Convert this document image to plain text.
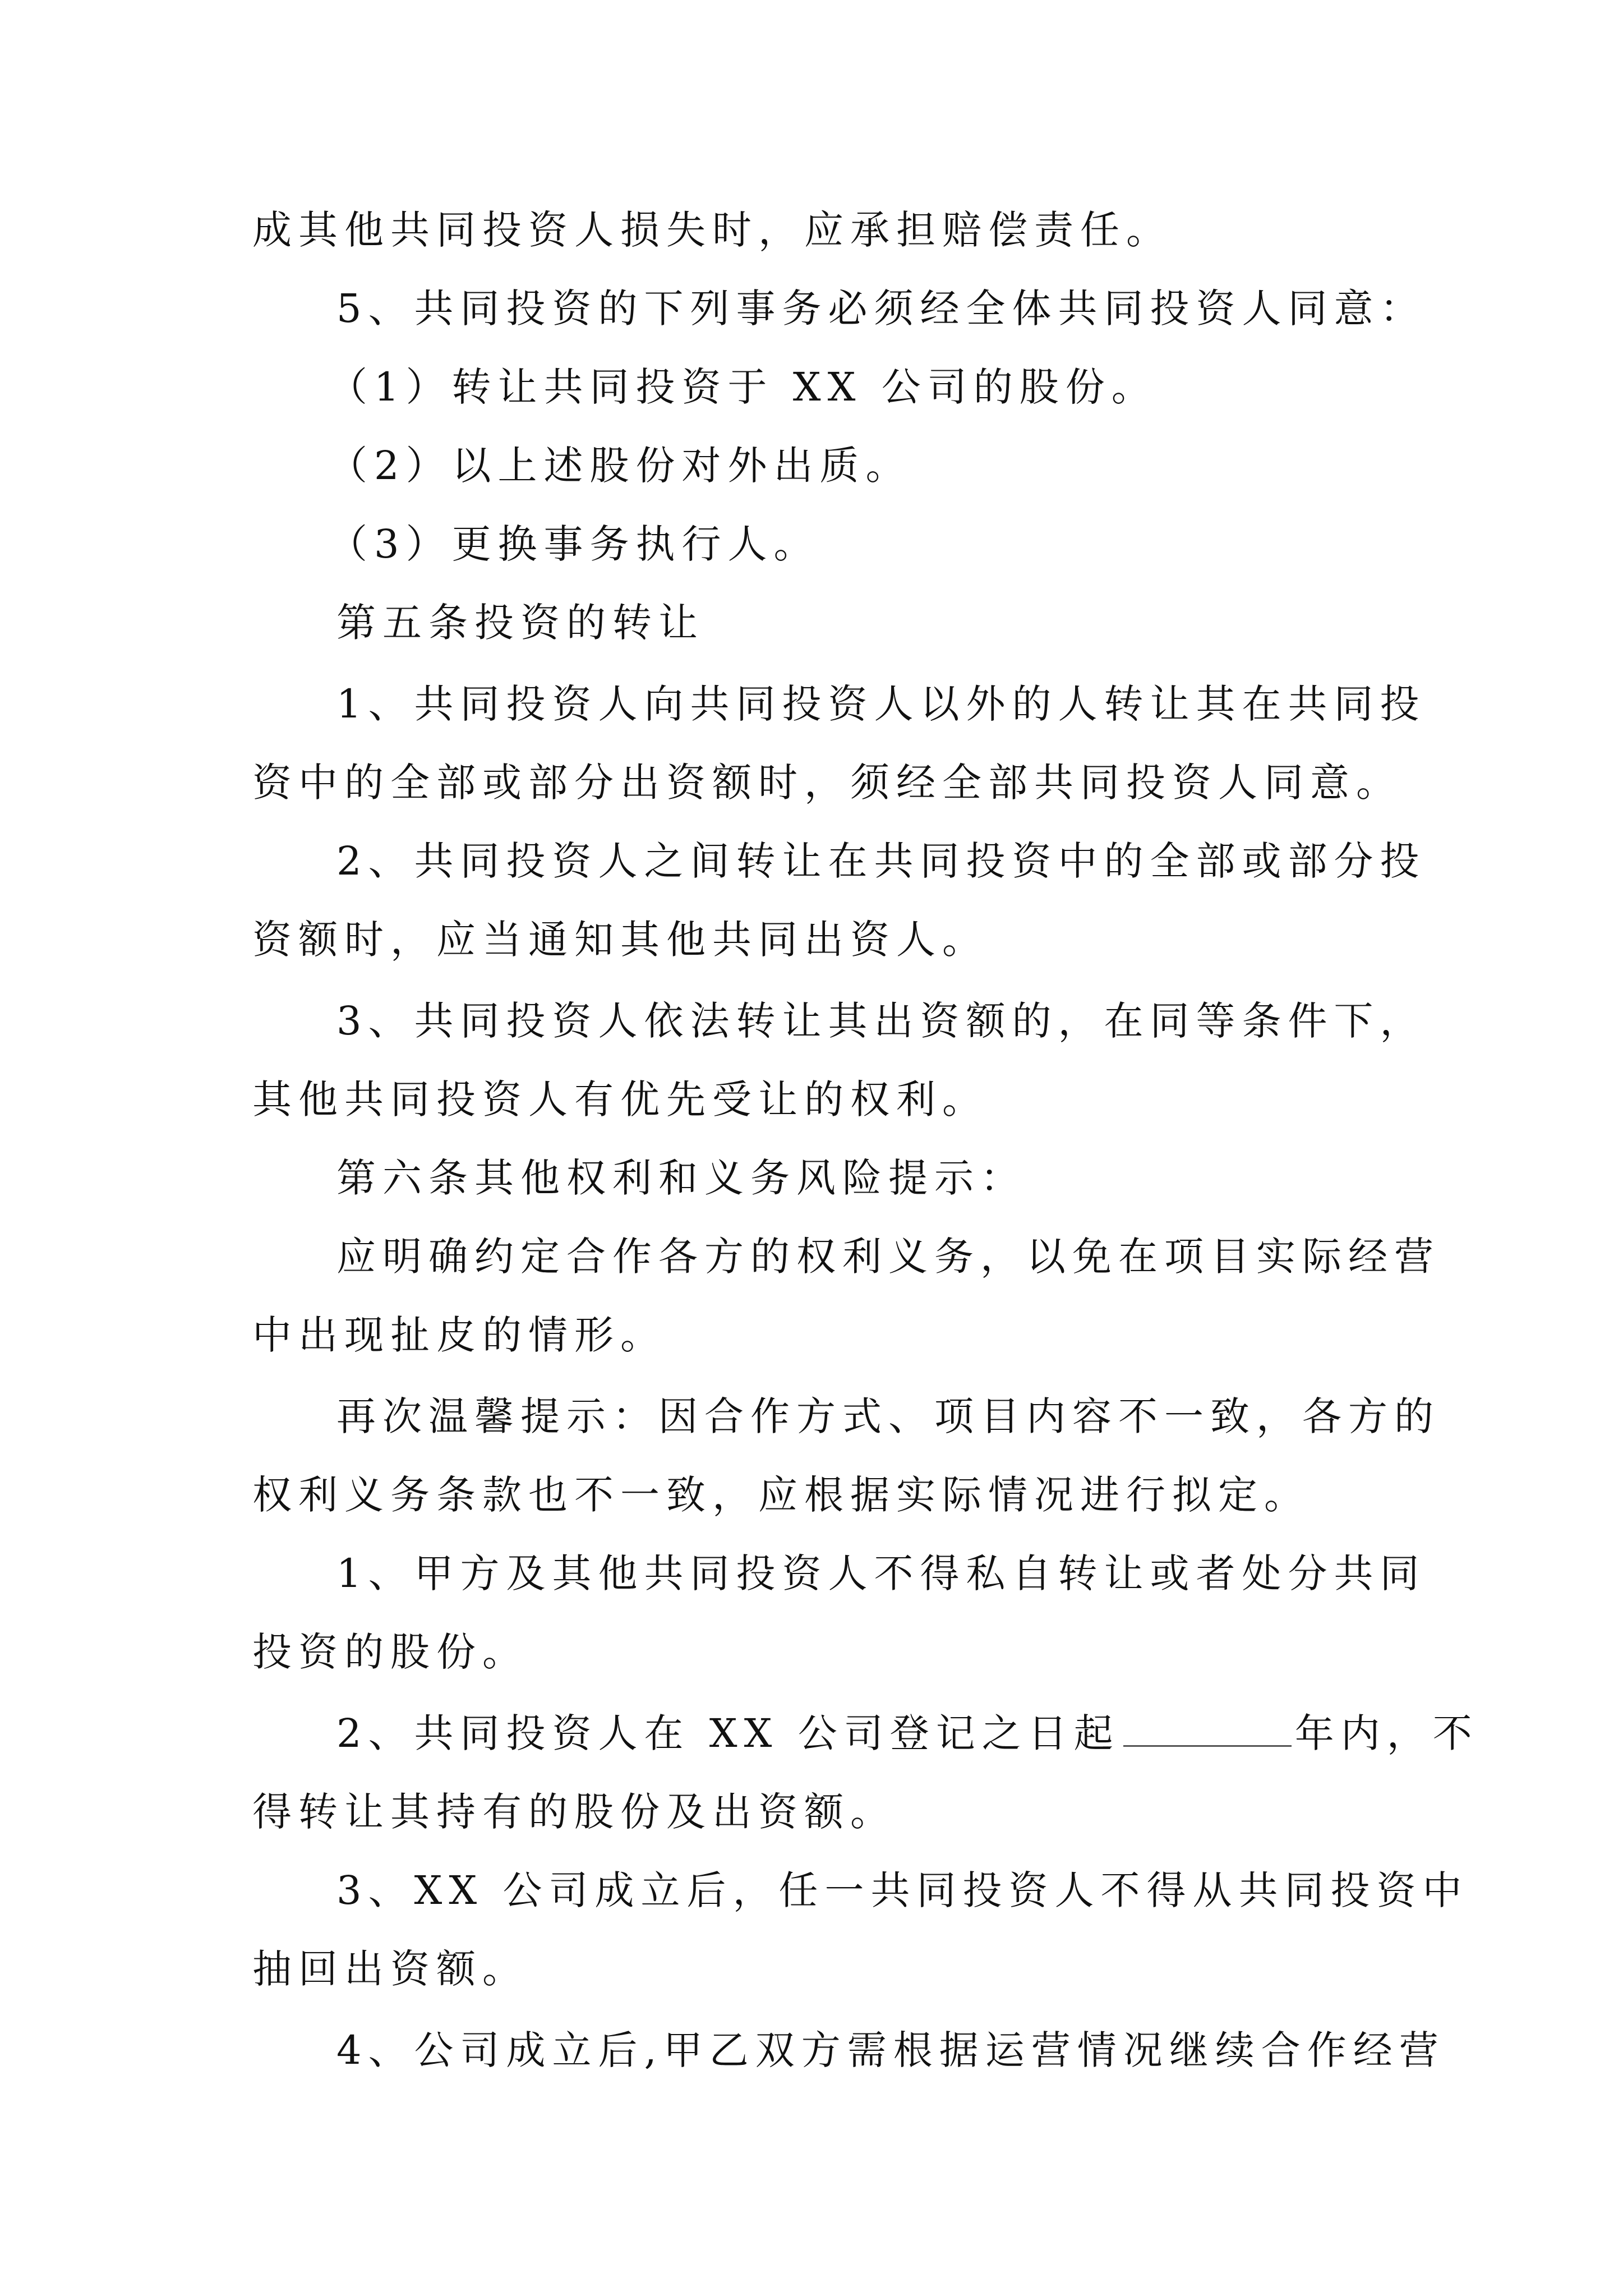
成其他共同投资人损失时，应承担赔偿责任。
5、共同投资的下列事务必须经全体共同投资人同意：
（1）转让共同投资于 XX 公司的股份。
（2）以上述股份对外出质。
（3）更换事务执行人。
第五条投资的转让
1、共同投资人向共同投资人以外的人转让其在共同投
资中的全部或部分出资额时，须经全部共同投资人同意。
2、共同投资人之间转让在共同投资中的全部或部分投
资额时，应当通知其他共同出资人。
3、共同投资人依法转让其出资额的，在同等条件下，
其他共同投资人有优先受让的权利。
第六条其他权利和义务风险提示：
应明确约定合作各方的权利义务，以免在项目实际经营
中出现扯皮的情形。
再次温馨提示：因合作方式、项目内容不一致，各方的
权利义务条款也不一致，应根据实际情况进行拟定。
1、甲方及其他共同投资人不得私自转让或者处分共同
投资的股份。
2、共同投资人在 XX 公司登记之日起	年内，不
得转让其持有的股份及出资额。
3、XX 公司成立后，任一共同投资人不得从共同投资中
抽回出资额。
4、公司成立后,甲乙双方需根据运营情况继续合作经营
